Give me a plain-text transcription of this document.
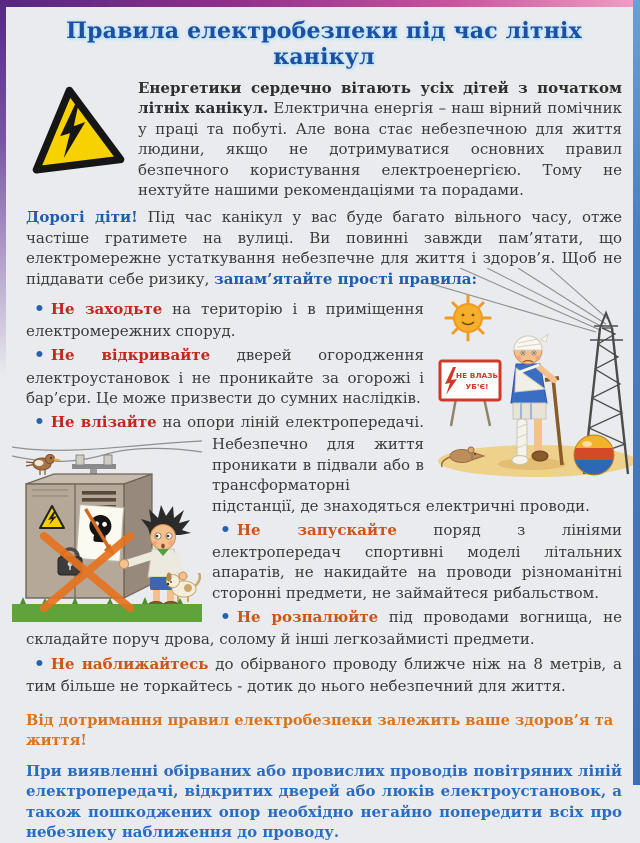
Правила електробезпеки під час літніх канікул

Енергетики сердечно вітають усіх дітей з початком літніх канікул. Електрична енергія – наш вірний помічник у праці та побуті. Але вона стає небезпечною для життя людини, якщо не дотримуватися основних правил безпечного користування електроенергією. Тому не нехтуйте нашими рекомендаціями та порадами.

Дорогі діти! Під час канікул у вас буде багато вільного часу, отже частіше гратимете на вулиці. Ви повинні завжди пам’ятати, що електромережне устаткування небезпечне для життя і здоров’я. Щоб не піддавати себе ризику, запам’ятайте прості правила:

НЕ ВЛАЗЬ
УБ’Є!

• Не заходьте на територію і в приміщення електромережних споруд.

• Не відкривайте дверей огородження електроустановок і не проникайте за огорожі і бар’єри. Це може призвести до сумних наслідків.

• Не влізайте на опори ліній електропередачі.
Небезпечно для життя проникати в підвали або в трансформаторні підстанції, де знаходяться електричні проводи.

• Не запускайте поряд з лініями електропередач спортивні моделі літальних апаратів, не накидайте на проводи різноманітні сторонні предмети, не займайтеся рибальством.

• Не розпалюйте під проводами вогнища, не складайте поруч дрова, солому й інші легкозаймисті предмети.

• Не наближайтесь до обірваного проводу ближче ніж на 8 метрів, а тим більше не торкайтесь - дотик до нього небезпечний для життя.

Від дотримання правил електробезпеки залежить ваше здоров’я та життя!

При виявленні обірваних або провислих проводів повітряних ліній електропередачі, відкритих дверей або люків електроустановок, а також пошкоджених опор необхідно негайно попередити всіх про небезпеку наближення до проводу.
